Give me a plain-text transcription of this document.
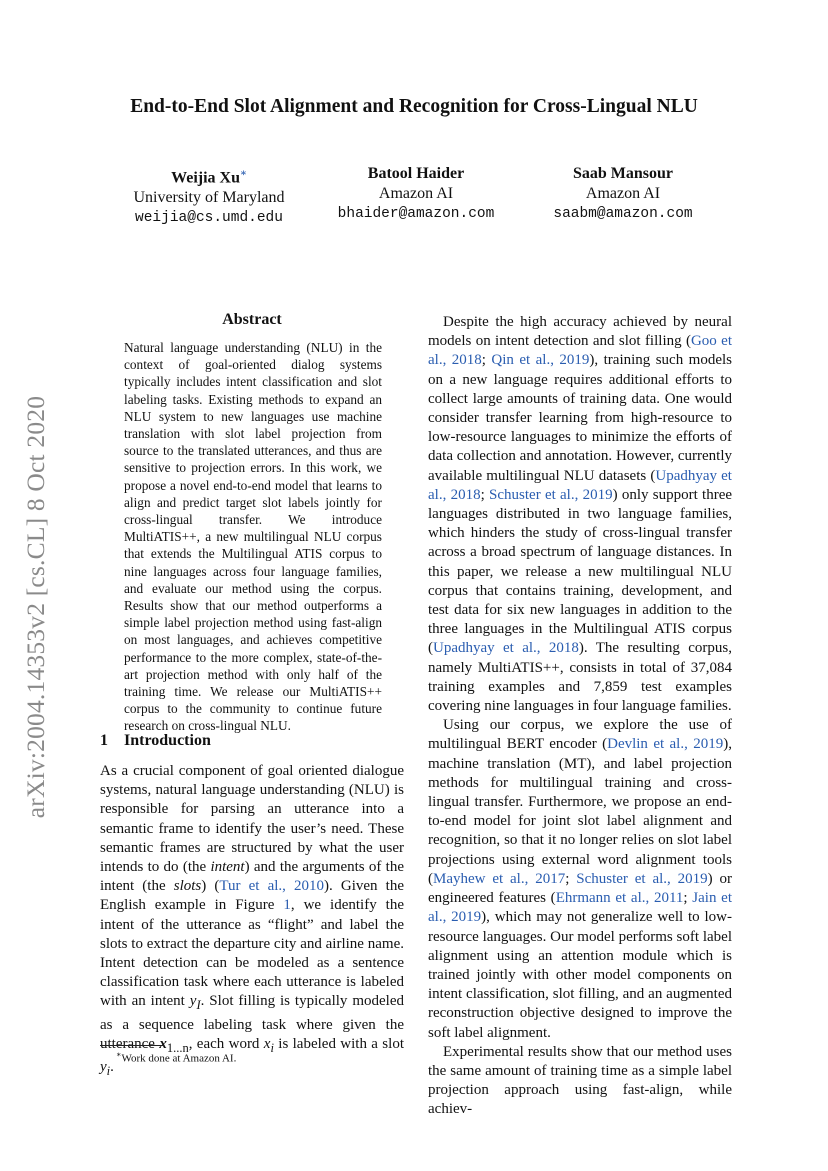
arXiv:2004.14353v2 [cs.CL] 8 Oct 2020
End-to-End Slot Alignment and Recognition for Cross-Lingual NLU
Weijia Xu∗
University of Maryland
weijia@cs.umd.edu
Batool Haider
Amazon AI
bhaider@amazon.com
Saab Mansour
Amazon AI
saabm@amazon.com
Abstract
Natural language understanding (NLU) in the context of goal-oriented dialog systems typically includes intent classification and slot labeling tasks. Existing methods to expand an NLU system to new languages use machine translation with slot label projection from source to the translated utterances, and thus are sensitive to projection errors. In this work, we propose a novel end-to-end model that learns to align and predict target slot labels jointly for cross-lingual transfer. We introduce MultiATIS++, a new multilingual NLU corpus that extends the Multilingual ATIS corpus to nine languages across four language families, and evaluate our method using the corpus. Results show that our method outperforms a simple label projection method using fast-align on most languages, and achieves competitive performance to the more complex, state-of-the-art projection method with only half of the training time. We release our MultiATIS++ corpus to the community to continue future research on cross-lingual NLU.
1 Introduction

As a crucial component of goal oriented dialogue systems, natural language understanding (NLU) is responsible for parsing an utterance into a semantic frame to identify the user’s need. These semantic frames are structured by what the user intends to do (the intent) and the arguments of the intent (the slots) (Tur et al., 2010). Given the English example in Figure 1, we identify the intent of the utterance as “flight” and label the slots to extract the departure city and airline name. Intent detection can be modeled as a sentence classification task where each utterance is labeled with an intent $y_I$. Slot filling is typically modeled as a sequence labeling task where given the utterance $x_{1...n}$, each word $x_i$ is labeled with a slot $y_i$.

∗Work done at Amazon AI.

Despite the high accuracy achieved by neural models on intent detection and slot filling (Goo et al., 2018; Qin et al., 2019), training such models on a new language requires additional efforts to collect large amounts of training data. One would consider transfer learning from high-resource to low-resource languages to minimize the efforts of data collection and annotation. However, currently available multilingual NLU datasets (Upadhyay et al., 2018; Schuster et al., 2019) only support three languages distributed in two language families, which hinders the study of cross-lingual transfer across a broad spectrum of language distances. In this paper, we release a new multilingual NLU corpus that contains training, development, and test data for six new languages in addition to the three languages in the Multilingual ATIS corpus (Upadhyay et al., 2018). The resulting corpus, namely MultiATIS++, consists in total of 37,084 training examples and 7,859 test examples covering nine languages in four language families.

Using our corpus, we explore the use of multilingual BERT encoder (Devlin et al., 2019), machine translation (MT), and label projection methods for multilingual training and cross-lingual transfer. Furthermore, we propose an end-to-end model for joint slot label alignment and recognition, so that it no longer relies on slot label projections using external word alignment tools (Mayhew et al., 2017; Schuster et al., 2019) or engineered features (Ehrmann et al., 2011; Jain et al., 2019), which may not generalize well to low-resource languages. Our model performs soft label alignment using an attention module which is trained jointly with other model components on intent classification, slot filling, and an augmented reconstruction objective designed to improve the soft label alignment.

Experimental results show that our method uses the same amount of training time as a simple label projection approach using fast-align, while achiev-
